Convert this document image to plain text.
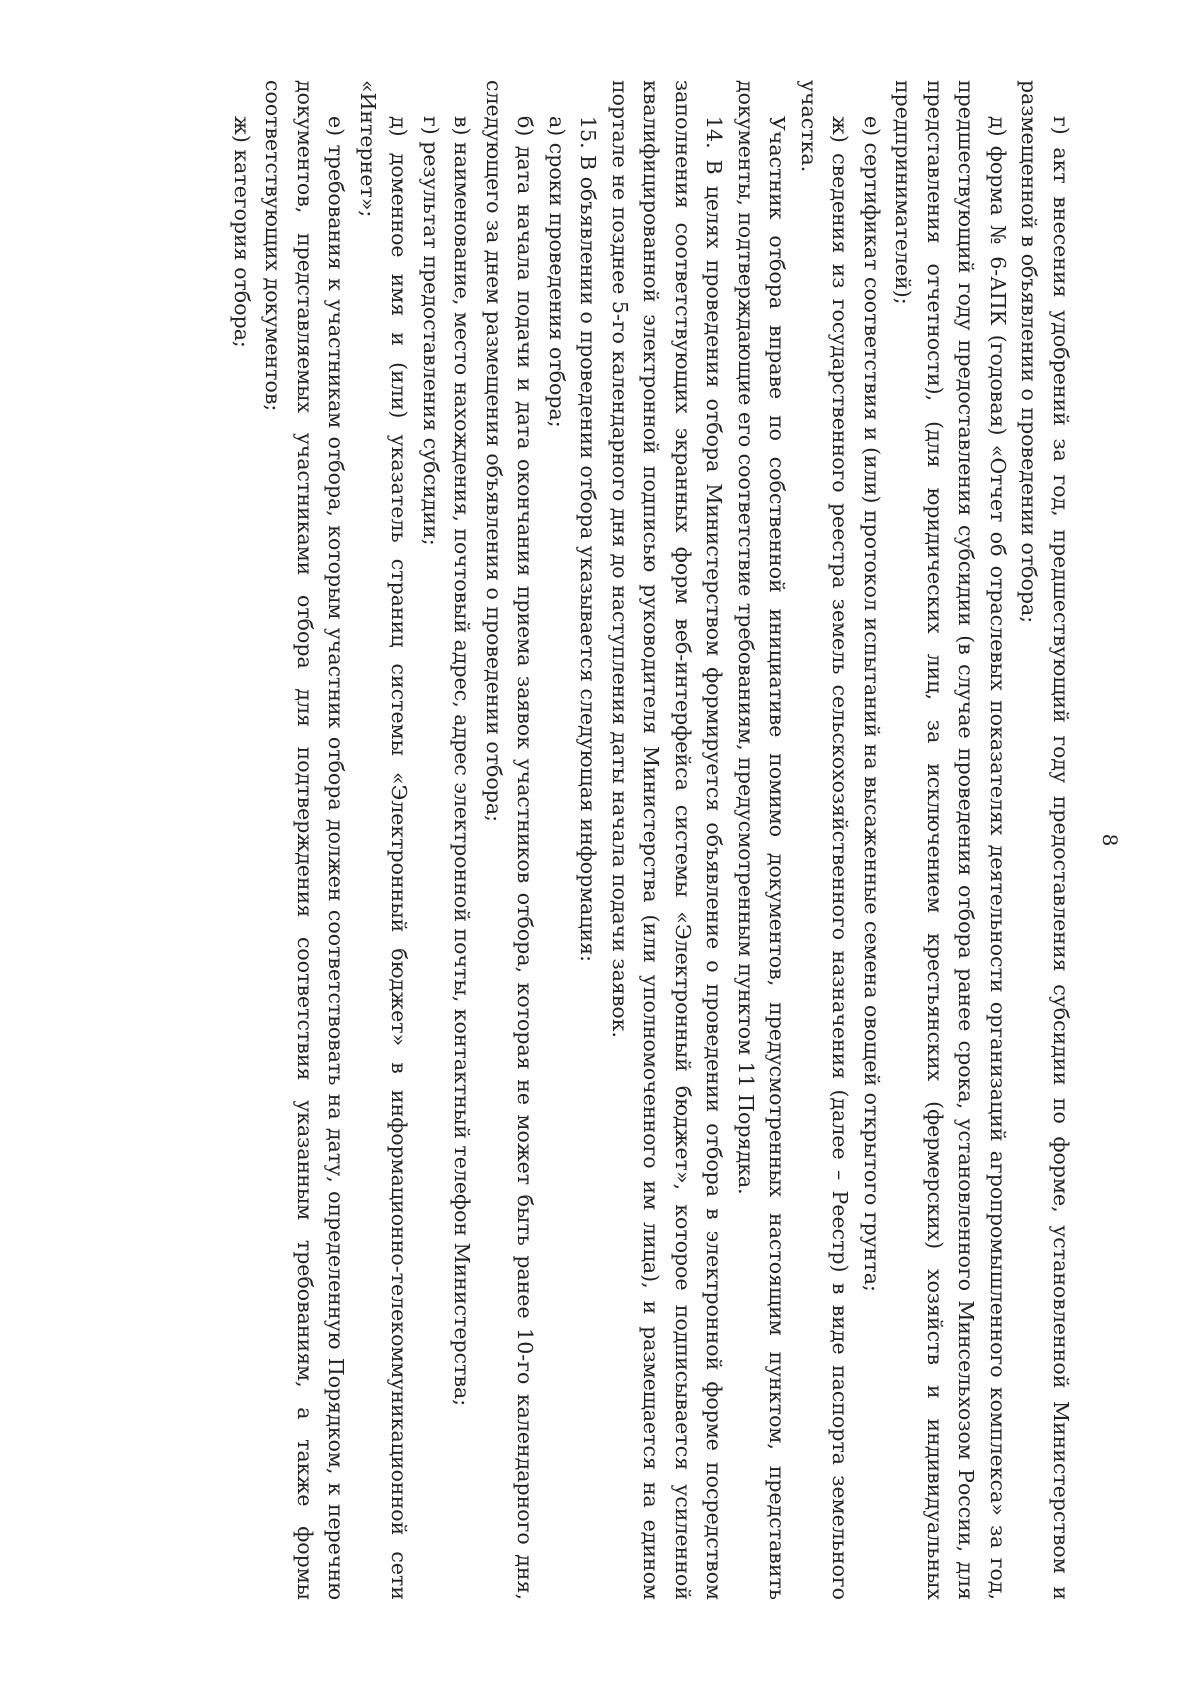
8

г) акт внесения удобрений за год, предшествующий году предоставления субсидии по форме, установленной Министерством и размещенной в объявлении о проведении отбора;

д) форма № 6-АПК (годовая) «Отчет об отраслевых показателях деятельности организаций агропромышленного комплекса» за год, предшествующий году предоставления субсидии (в случае проведения отбора ранее срока, установленного Минсельхозом России, для представления отчетности), (для юридических лиц, за исключением крестьянских (фермерских) хозяйств и индивидуальных предпринимателей);

е) сертификат соответствия и (или) протокол испытаний на высаженные семена овощей открытого грунта;

ж) сведения из государственного реестра земель сельскохозяйственного назначения (далее – Реестр) в виде паспорта земельного участка.

Участник отбора вправе по собственной инициативе помимо документов, предусмотренных настоящим пунктом, представить документы, подтверждающие его соответствие требованиям, предусмотренным пунктом 11 Порядка.

14. В целях проведения отбора Министерством формируется объявление о проведении отбора в электронной форме посредством заполнения соответствующих экранных форм веб-интерфейса системы «Электронный бюджет», которое подписывается усиленной квалифицированной электронной подписью руководителя Министерства (или уполномоченного им лица), и размещается на едином портале не позднее 5-го календарного дня до наступления даты начала подачи заявок.

15. В объявлении о проведении отбора указывается следующая информация:

а) сроки проведения отбора;

б) дата начала подачи и дата окончания приема заявок участников отбора, которая не может быть ранее 10-го календарного дня, следующего за днем размещения объявления о проведении отбора;

в) наименование, место нахождения, почтовый адрес, адрес электронной почты, контактный телефон Министерства;

г) результат предоставления субсидии;

д) доменное имя и (или) указатель страниц системы «Электронный бюджет» в информационно-телекоммуникационной сети «Интернет»;

е) требования к участникам отбора, которым участник отбора должен соответствовать на дату, определенную Порядком, к перечню документов, представляемых участниками отбора для подтверждения соответствия указанным требованиям, а также формы соответствующих документов;

ж) категория отбора;
